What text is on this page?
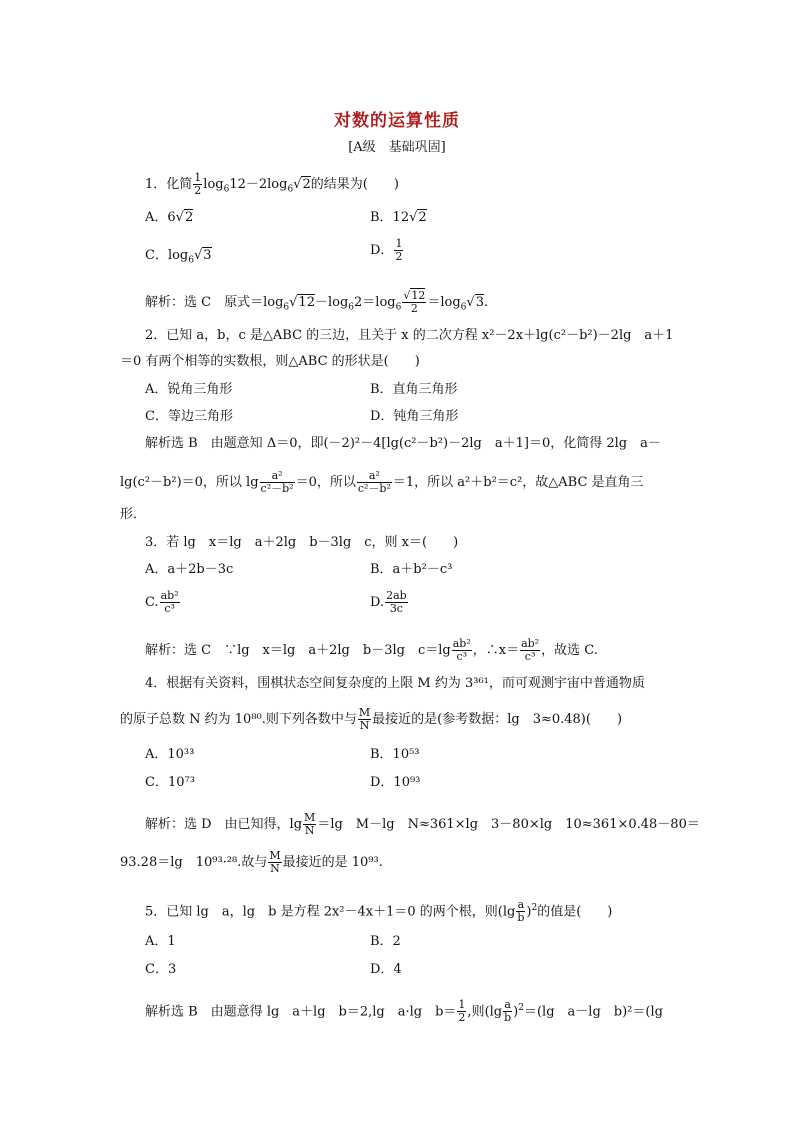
对数的运算性质
[A级　基础巩固]
1．化简 $\frac{1}{2} \log_612-2\log_6√2$的结果为(　　)
A．6√2	B．12√2
C．$\log_6√3$	D． $\frac{1}{2}$
解析：选 C　原式$=\log_6√12-\log_62=\log_6 \frac{√12}{2} =\log_6√3$.
2．已知 a，b，c 是△ABC 的三边，且关于 x 的二次方程 x²－2x＋lg(c²－b²)－2lg　a＋1
＝0 有两个相等的实数根，则△ABC 的形状是(　　)
A．锐角三角形	B．直角三角形
C．等边三角形	D．钝角三角形
解析选 B　由题意知 Δ＝0，即(－2)²－4[lg(c²－b²)－2lg　a＋1]＝0，化简得 2lg　a－
lg(c²－b²)＝0，所以 $\lg \frac{\text{a²}}{\text{c²－b²}} =0$，所以 $\frac{\text{a²}}{\text{c²－b²}} =1$，所以 a²＋b²＝c²，故△ABC 是直角三
形．
3．若 lg　x＝lg　a＋2lg　b－3lg　c，则 x＝(　　)
A．a＋2b－3c	B．a＋b²－c³
C. $\frac{\text{ab²}}{\text{c³}}$	D. $\frac{2ab}{3c}$
解析：选 C　∵lg　x＝lg　a＋2lg　b－3lg　$c=\lg \frac{\text{ab²}}{\text{c³}}$ ，∴x＝ $\frac{\text{ab²}}{\text{c³}}$ ，故选 C.
4．根据有关资料，围棋状态空间复杂度的上限 M 约为 3³⁶¹，而可观测宇宙中普通物质
的原子总数 N 约为 10⁸⁰.则下列各数中与 $\frac{M}{N}$ 最接近的是(参考数据：lg　3≈0.48)(　　)
A．10³³	B．10⁵³
C．10⁷³	D．10⁹³
解析：选 D　由已知得，$\lg \frac{M}{N} =\lg$　M－lg　N≈361×lg　3－80×lg　10≈361×0.48－80＝
93.28＝lg　10⁹³·²⁸.故与 $\frac{M}{N}$ 最接近的是 10⁹³.
5．已知 lg　a，lg　b 是方程 2x²－4x＋1＝0 的两个根，则$(\lg \frac{a}{b} )^2$的值是(　　)
A．1	B．2
C．3	D．4
解析选 B　由题意得 lg　a＋lg　b＝2,lg　a·lg　$b= \frac{1}{2}$ ,则$(\lg \frac{a}{b} )^2=(\lg$　a－lg　b)²＝(lg
